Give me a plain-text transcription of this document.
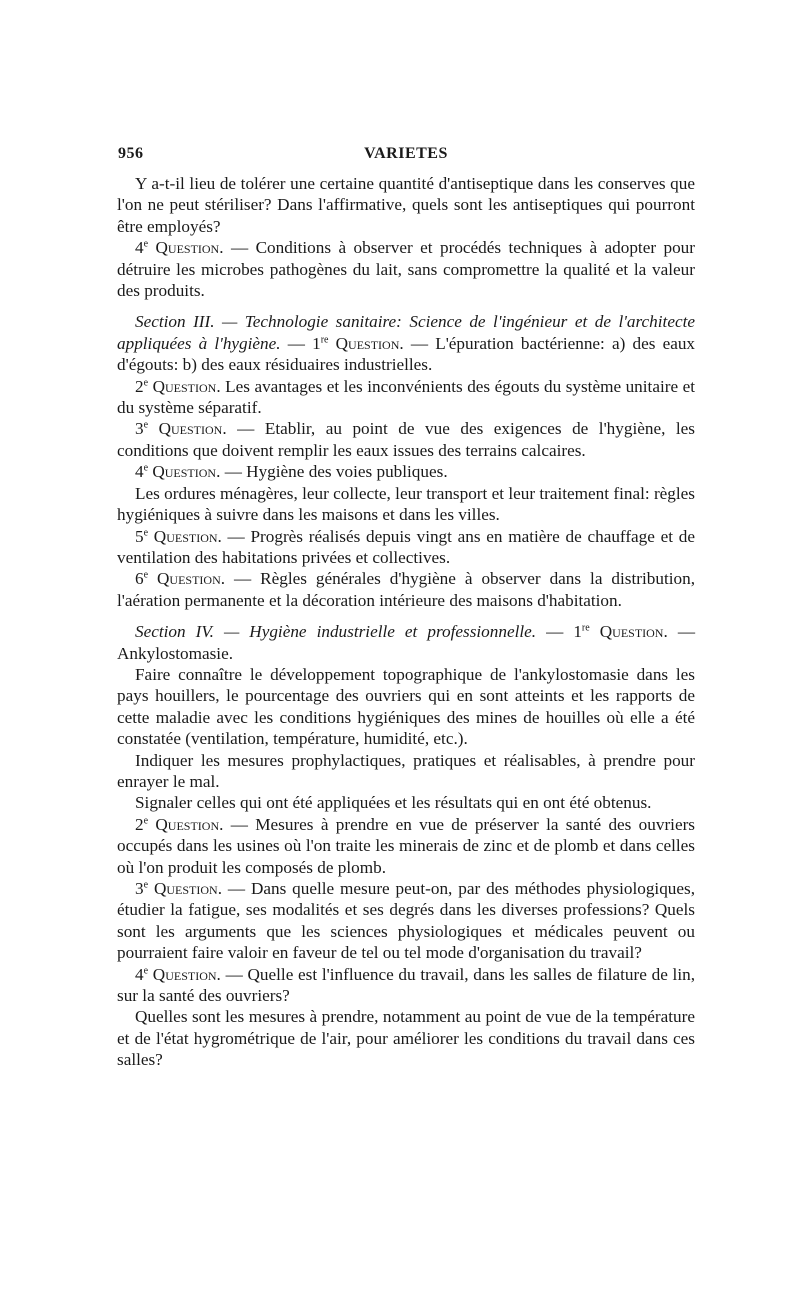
956	VARIETES

Y a-t-il lieu de tolérer une certaine quantité d'antiseptique dans les conserves que l'on ne peut stériliser? Dans l'affirmative, quels sont les antiseptiques qui pourront être employés?

4e Question. — Conditions à observer et procédés techniques à adopter pour détruire les microbes pathogènes du lait, sans compromettre la qualité et la valeur des produits.

Section III. — Technologie sanitaire: Science de l'ingénieur et de l'architecte appliquées à l'hygiène. — 1re Question. — L'épuration bactérienne: a) des eaux d'égouts: b) des eaux résiduaires industrielles.

2e Question. Les avantages et les inconvénients des égouts du système unitaire et du système séparatif.

3e Question. — Etablir, au point de vue des exigences de l'hygiène, les conditions que doivent remplir les eaux issues des terrains calcaires.

4e Question. — Hygiène des voies publiques.

Les ordures ménagères, leur collecte, leur transport et leur traitement final: règles hygiéniques à suivre dans les maisons et dans les villes.

5e Question. — Progrès réalisés depuis vingt ans en matière de chauffage et de ventilation des habitations privées et collectives.

6e Question. — Règles générales d'hygiène à observer dans la distribution, l'aération permanente et la décoration intérieure des maisons d'habitation.

Section IV. — Hygiène industrielle et professionnelle. — 1re Question. — Ankylostomasie.

Faire connaître le développement topographique de l'ankylostomasie dans les pays houillers, le pourcentage des ouvriers qui en sont atteints et les rapports de cette maladie avec les conditions hygiéniques des mines de houilles où elle a été constatée (ventilation, température, humidité, etc.).

Indiquer les mesures prophylactiques, pratiques et réalisables, à prendre pour enrayer le mal.

Signaler celles qui ont été appliquées et les résultats qui en ont été obtenus.

2e Question. — Mesures à prendre en vue de préserver la santé des ouvriers occupés dans les usines où l'on traite les minerais de zinc et de plomb et dans celles où l'on produit les composés de plomb.

3e Question. — Dans quelle mesure peut-on, par des méthodes physiologiques, étudier la fatigue, ses modalités et ses degrés dans les diverses professions? Quels sont les arguments que les sciences physiologiques et médicales peuvent ou pourraient faire valoir en faveur de tel ou tel mode d'organisation du travail?

4e Question. — Quelle est l'influence du travail, dans les salles de filature de lin, sur la santé des ouvriers?

Quelles sont les mesures à prendre, notamment au point de vue de la température et de l'état hygrométrique de l'air, pour améliorer les conditions du travail dans ces salles?
